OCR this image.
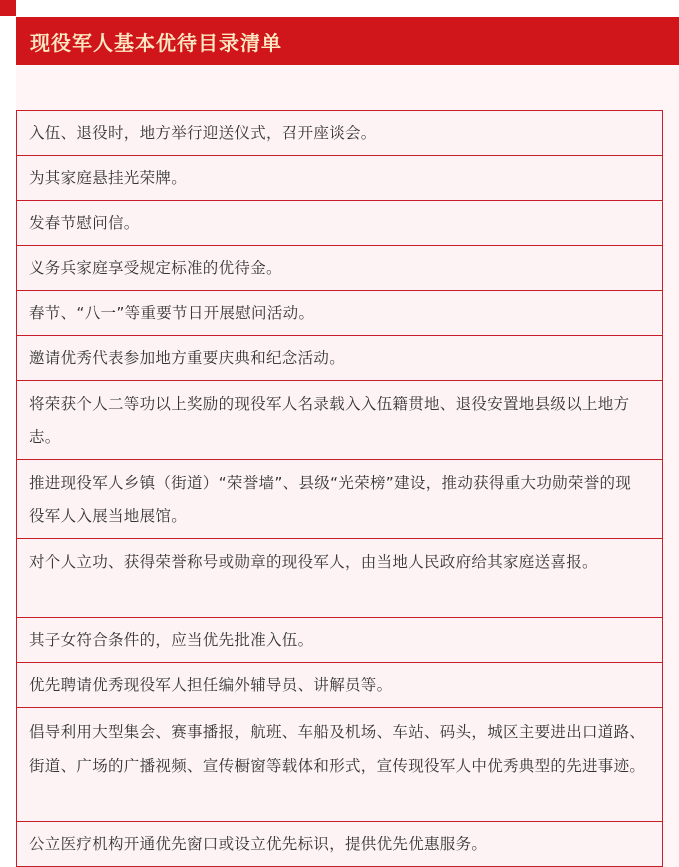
现役军人基本优待目录清单
入伍、退役时，地方举行迎送仪式，召开座谈会。
为其家庭悬挂光荣牌。
发春节慰问信。
义务兵家庭享受规定标准的优待金。
春节、“八一”等重要节日开展慰问活动。
邀请优秀代表参加地方重要庆典和纪念活动。
将荣获个人二等功以上奖励的现役军人名录载入入伍籍贯地、退役安置地县级以上地方志。
推进现役军人乡镇（街道）“荣誉墙”、县级“光荣榜”建设，推动获得重大功勋荣誉的现役军人入展当地展馆。
对个人立功、获得荣誉称号或勋章的现役军人，由当地人民政府给其家庭送喜报。
其子女符合条件的，应当优先批准入伍。
优先聘请优秀现役军人担任编外辅导员、讲解员等。
倡导利用大型集会、赛事播报，航班、车船及机场、车站、码头，城区主要进出口道路、街道、广场的广播视频、宣传橱窗等载体和形式，宣传现役军人中优秀典型的先进事迹。
公立医疗机构开通优先窗口或设立优先标识，提供优先优惠服务。
